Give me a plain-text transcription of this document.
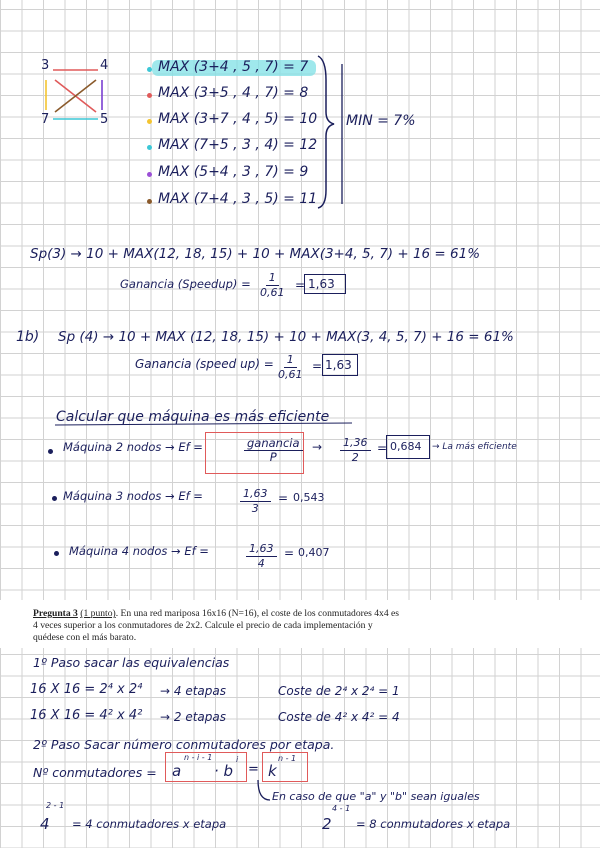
3	4
7	5
MAX (3+4 , 5 , 7) = 7
MAX (3+5 , 4 , 7) = 8
MAX (3+7 , 4 , 5) = 10
MAX (7+5 , 3 , 4) = 12
MAX (5+4 , 3 , 7) = 9
MAX (7+4 , 3 , 5) = 11
MIN = 7%
Sp(3) → 10 + MAX(12, 18, 15) + 10 + MAX(3+4, 5, 7) + 16 = 61%
Ganancia (Speedup) = $\frac{1}{0,61} = 1,63$
1b) Sp (4) → 10 + MAX (12, 18, 15) + 10 + MAX(3, 4, 5, 7) + 16 = 61%
Ganancia (speed $up) = \frac{1}{0,61} = 1,63$
Calcular que máquina es más eficiente
Máquina 2 nodos → Ef =	ganancia
P
→ $\frac{1,36}{2} = 0,684 \to La$ más eficiente
Máquina 3 nodos → Ef =	$\frac{1,63}{3} = 0,543$
Máquina 4 nodos → Ef =	$\frac{1,63}{4} = 0,407$

Pregunta 3 (1 punto). En una red mariposa 16x16 (N=16), el coste de los conmutadores 4x4 es 4 veces superior a los conmutadores de 2x2. Calcule el precio de cada implementación y quédese con el más barato.

1º Paso sacar las equivalencias
16 X 16 = 2⁴ x 2⁴ → 4 etapas	Coste de 2⁴ x 2⁴ = 1
16 X 16 = 4² x 4² → 2 etapas	Coste de 4² x 4² = 4
2º Paso Sacar número conmutadores por etapa.
Nº conmutadores = a
n - i - 1
· b
i
= k
n - 1
En caso de que "a" y "b" sean iguales
4
2 - 1
= 4 conmutadores x etapa	2
4 - 1
= 8 conmutadores x etapa
